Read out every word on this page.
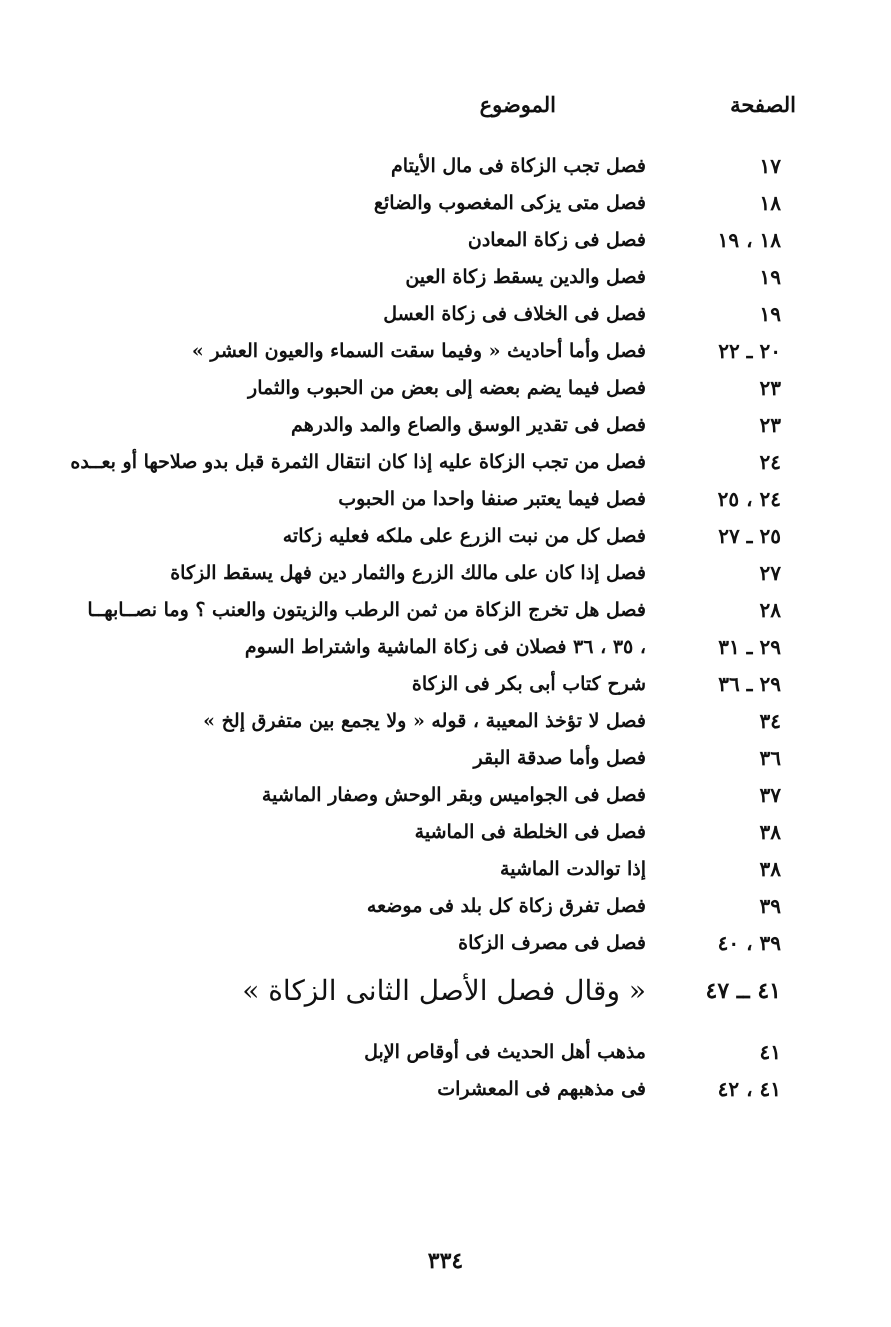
الصفحة
الموضوع
١٧
فصل تجب الزكاة فى مال الأيتام
١٨
فصل متى يزكى المغصوب والضائع
١٨ ، ١٩
فصل فى زكاة المعادن
١٩
فصل والدين يسقط زكاة العين
١٩
فصل فى الخلاف فى زكاة العسل
٢٠ ـ ٢٢
فصل وأما أحاديث « وفيما سقت السماء والعيون العشر »
٢٣
فصل فيما يضم بعضه إلى بعض من الحبوب والثمار
٢٣
فصل فى تقدير الوسق والصاع والمد والدرهم
٢٤
فصل من تجب الزكاة عليه إذا كان انتقال الثمرة قبل بدو صلاحها أو بعــده
٢٤ ، ٢٥
فصل فيما يعتبر صنفا واحدا من الحبوب
٢٥ ـ ٢٧
فصل كل من نبت الزرع على ملكه فعليه زكاته
٢٧
فصل إذا كان على مالك الزرع والثمار دين فهل يسقط الزكاة
٢٨
فصل هل تخرج الزكاة من ثمن الرطب والزيتون والعنب ؟ وما نصــابهــا
٢٩ ـ ٣١
، ٣٥ ، ٣٦ فصلان فى زكاة الماشية واشتراط السوم
٢٩ ـ ٣٦
شرح كتاب أبى بكر فى الزكاة
٣٤
فصل لا تؤخذ المعيبة ، قوله « ولا يجمع بين متفرق إلخ »
٣٦
فصل وأما صدقة البقر
٣٧
فصل فى الجواميس وبقر الوحش وصفار الماشية
٣٨
فصل فى الخلطة فى الماشية
٣٨
إذا توالدت الماشية
٣٩
فصل تفرق زكاة كل بلد فى موضعه
٣٩ ، ٤٠
فصل فى مصرف الزكاة
٤١ ــ ٤٧
« وقال فصل الأصل الثانى الزكاة »
٤١
مذهب أهل الحديث فى أوقاص الإبل
٤١ ، ٤٢
فى مذهبهم فى المعشرات
٣٣٤
